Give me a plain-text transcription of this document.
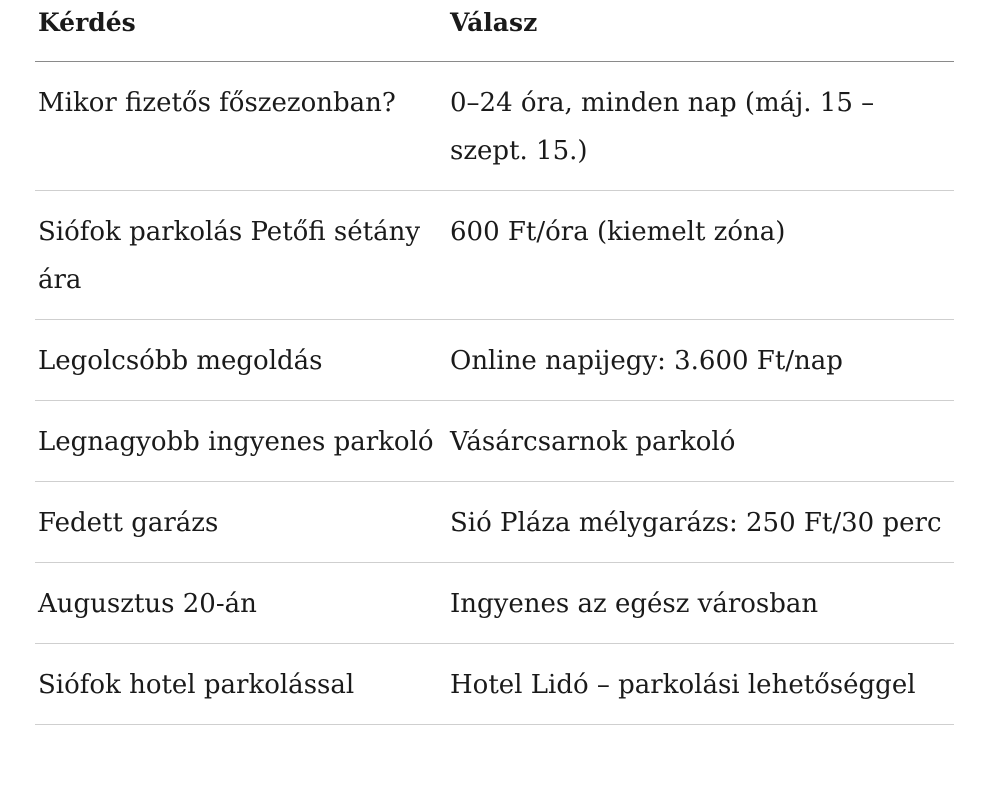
Kérdés	Válasz
Mikor fizetős főszezonban?	0–24 óra, minden nap (máj. 15 – szept. 15.)
Siófok parkolás Petőfi sétány ára	600 Ft/óra (kiemelt zóna)
Legolcsóbb megoldás	Online napijegy: 3.600 Ft/nap
Legnagyobb ingyenes parkoló	Vásárcsarnok parkoló
Fedett garázs	Sió Pláza mélygarázs: 250 Ft/30 perc
Augusztus 20-án	Ingyenes az egész városban
Siófok hotel parkolással	Hotel Lidó – parkolási lehetőséggel
